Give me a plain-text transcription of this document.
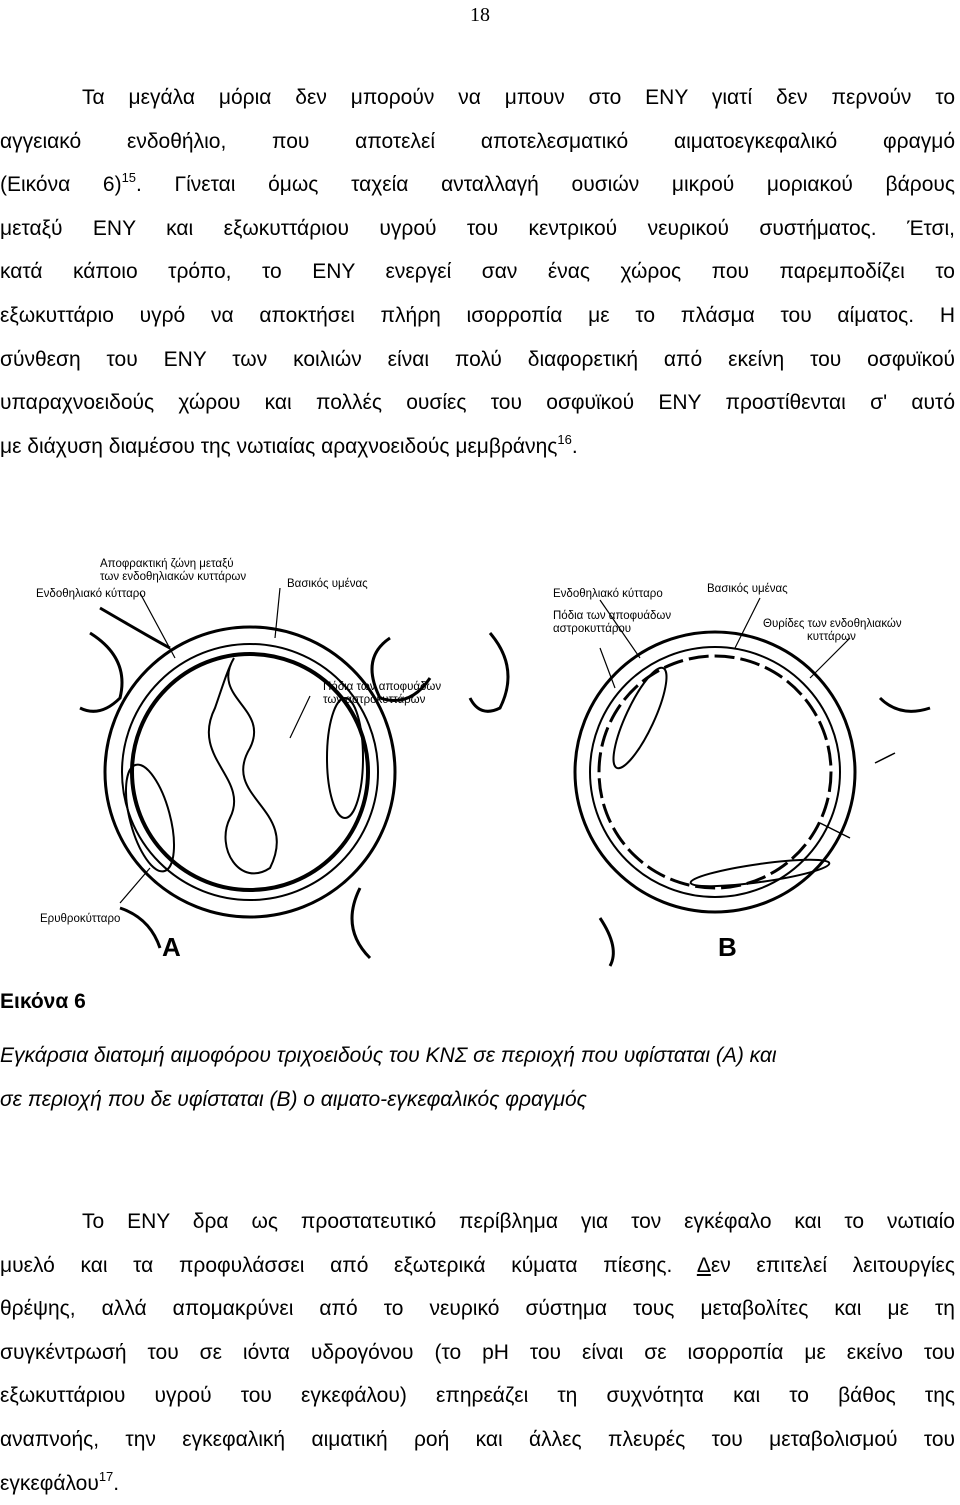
18
Τα μεγάλα μόρια δεν μπορούν να μπουν στο ΕΝΥ γιατί δεν περνούν το
αγγειακό ενδοθήλιο, που αποτελεί αποτελεσματικό αιματοεγκεφαλικό φραγμό
(Εικόνα 6)$^{15}$. Γίνεται όμως ταχεία ανταλλαγή ουσιών μικρού μοριακού βάρους
μεταξύ ΕΝΥ και εξωκυττάριου υγρού του κεντρικού νευρικού συστήματος. Έτσι,
κατά κάποιο τρόπο, το ΕΝΥ ενεργεί σαν ένας χώρος που παρεμποδίζει το
εξωκυττάριο υγρό να αποκτήσει πλήρη ισορροπία με το πλάσμα του αίματος. Η
σύνθεση του ΕΝΥ των κοιλιών είναι πολύ διαφορετική από εκείνη του οσφυϊκού
υπαραχνοειδούς χώρου και πολλές ουσίες του οσφυϊκού ΕΝΥ προστίθενται σ' αυτό
με διάχυση διαμέσου της νωτιαίας αραχνοειδούς μεμβράνης$^{16}$.
Αποφρακτική ζώνη μεταξύ
των ενδοθηλιακών κυττάρων
Ενδοθηλιακό κύτταρο
Βασικός υμένας
Πόδια των αποφυάδων
των αστροκυττάρων
Ερυθροκύτταρο
Ενδοθηλιακό κύτταρο	Βασικός υμένας
Πόδια των αποφυάδων
αστροκυττάρου	Θυρίδες των ενδοθηλιακών
κυττάρων
A	B
Εικόνα 6
Εγκάρσια διατομή αιμοφόρου τριχοειδούς του ΚΝΣ σε περιοχή που υφίσταται (Α) και
σε περιοχή που δε υφίσταται (Β) ο αιματο-εγκεφαλικός φραγμός
Το ΕΝΥ δρα ως προστατευτικό περίβλημα για τον εγκέφαλο και το νωτιαίο
μυελό και τα προφυλάσσει από εξωτερικά κύματα πίεσης. Δεν επιτελεί λειτουργίες
θρέψης, αλλά απομακρύνει από το νευρικό σύστημα τους μεταβολίτες και με τη
συγκέντρωσή του σε ιόντα υδρογόνου (το pH του είναι σε ισορροπία με εκείνο του
εξωκυττάριου υγρού του εγκεφάλου) επηρεάζει τη συχνότητα και το βάθος της
αναπνοής, την εγκεφαλική αιματική ροή και άλλες πλευρές του μεταβολισμού του
εγκεφάλου$^{17}$.
